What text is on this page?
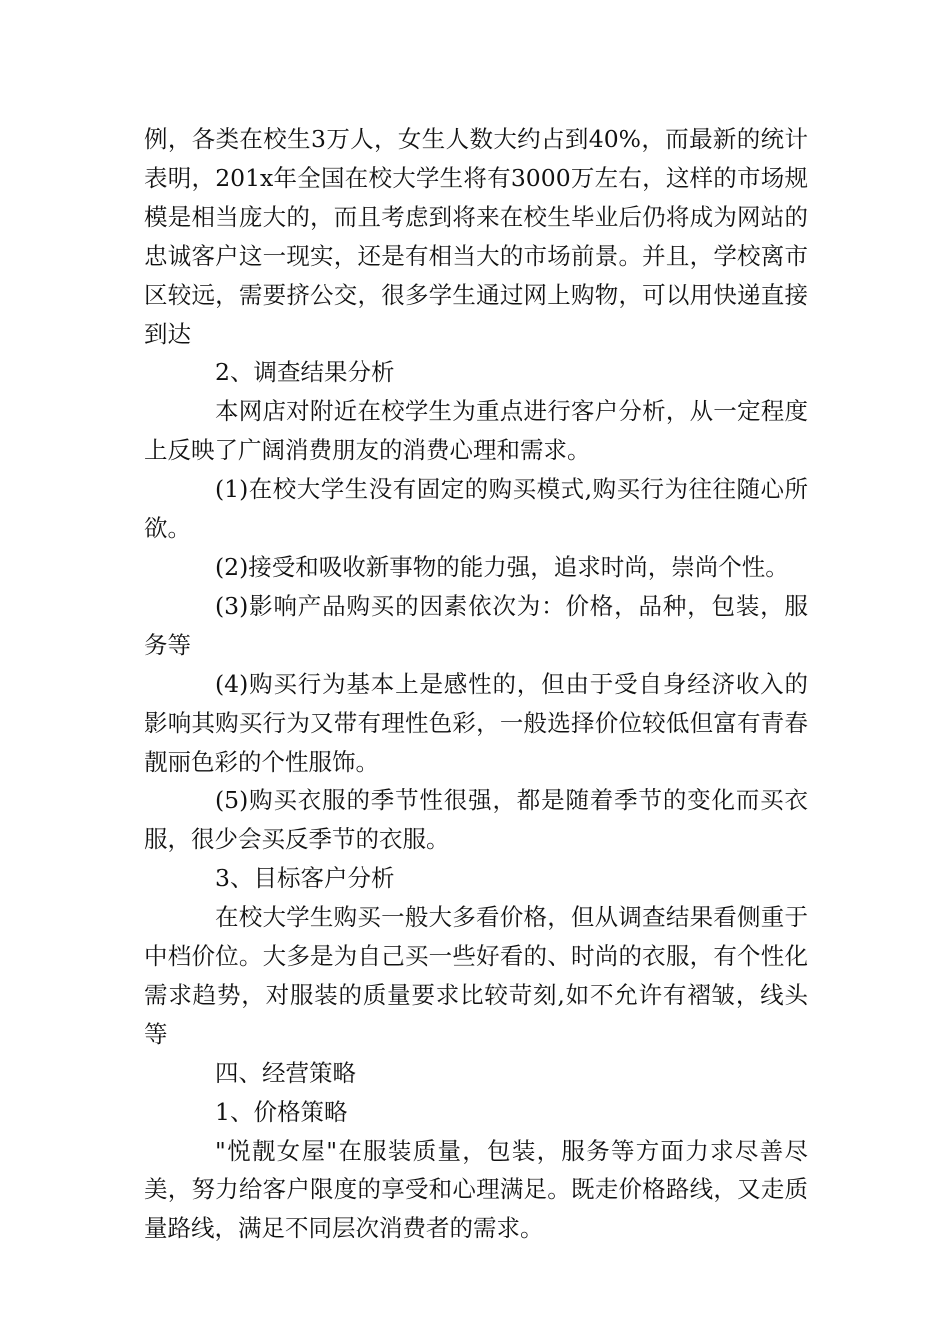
例，各类在校生3万人，女生人数大约占到40%，而最新的统计表明，201x年全国在校大学生将有3000万左右，这样的市场规模是相当庞大的，而且考虑到将来在校生毕业后仍将成为网站的忠诚客户这一现实，还是有相当大的市场前景。并且，学校离市区较远，需要挤公交，很多学生通过网上购物，可以用快递直接到达

2、调查结果分析

本网店对附近在校学生为重点进行客户分析，从一定程度上反映了广阔消费朋友的消费心理和需求。

(1)在校大学生没有固定的购买模式,购买行为往往随心所欲。

(2)接受和吸收新事物的能力强，追求时尚，崇尚个性。

(3)影响产品购买的因素依次为：价格，品种，包装，服务等

(4)购买行为基本上是感性的，但由于受自身经济收入的影响其购买行为又带有理性色彩，一般选择价位较低但富有青春靓丽色彩的个性服饰。

(5)购买衣服的季节性很强，都是随着季节的变化而买衣服，很少会买反季节的衣服。

3、目标客户分析

在校大学生购买一般大多看价格，但从调查结果看侧重于中档价位。大多是为自己买一些好看的、时尚的衣服，有个性化需求趋势，对服装的质量要求比较苛刻,如不允许有褶皱，线头等

四、经营策略

1、价格策略

"悦靓女屋"在服装质量，包装，服务等方面力求尽善尽美，努力给客户限度的享受和心理满足。既走价格路线，又走质量路线，满足不同层次消费者的需求。
